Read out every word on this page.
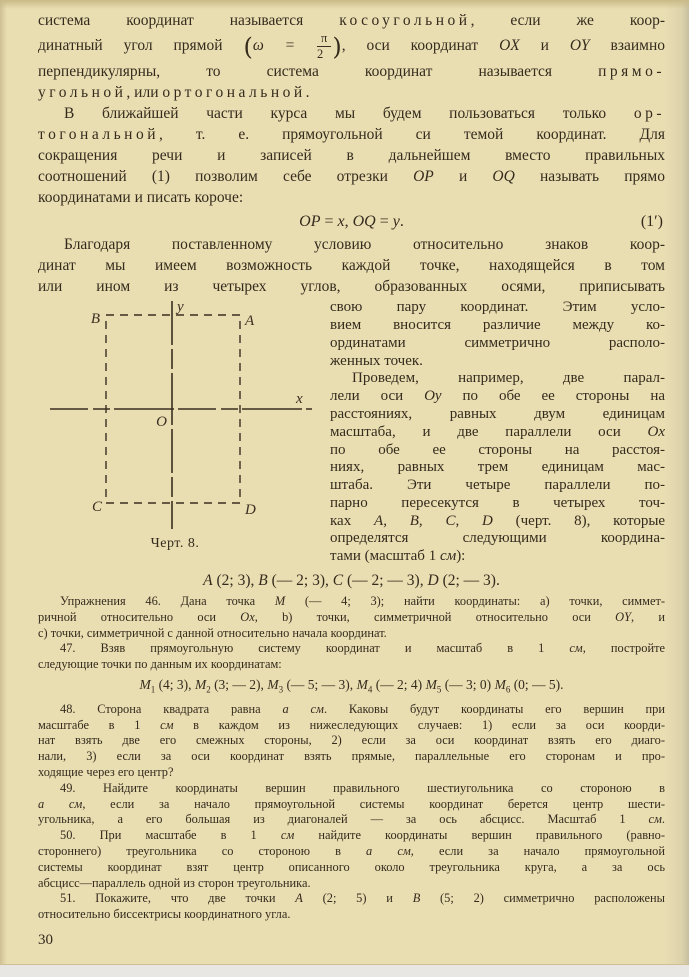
система координат называется косоугольной, если же коор-
динатный угол прямой ($\omega = \frac{\pi}{2}$ ), оси координат OX и OY взаимно
перпендикулярны, то система координат называется прямо-
угольной, или ортогональной.
В ближайшей части курса мы будем пользоваться только ор-
тогональной, т. е. прямоугольной си темой координат. Для
сокращения речи и записей в дальнейшем вместо правильных
соотношений (1) позволим себе отрезки OP и OQ называть прямо
координатами и писать короче:
OP = x, OQ = y.	(1′)
Благодаря поставленному условию относительно знаков коор-
динат мы имеем возможность каждой точке, находящейся в том
или ином из четырех углов, образованных осями, приписывать
y
x
O
B	A
C	D
Черт. 8.
свою пару координат. Этим усло-
вием вносится различие между ко-
ординатами симметрично располо-
женных точек.
Проведем, например, две парал-
лели оси Oy по обе ее стороны на
расстояниях, равных двум единицам
масштаба, и две параллели оси Ox
по обе ее стороны на расстоя-
ниях, равных трем единицам мас-
штаба. Эти четыре параллели по-
парно пересекутся в четырех точ-
ках A, B, C, D (черт. 8), которые
определятся следующими координа-
тами (масштаб 1 см):
A (2; 3), B (— 2; 3), C (— 2; — 3), D (2; — 3).
Упражнения 46. Дана точка M (— 4; 3); найти координаты: а) точки, симмет-
ричной относительно оси Ox, b) точки, симметричной относительно оси OY, и
с) точки, симметричной с данной относительно начала координат.
47. Взяв прямоугольную систему координат и масштаб в 1 см, постройте
следующие точки по данным их координатам:
$M_1$ (4; 3), $M_2$ (3; — 2), $M_3$ (— 5; — 3), $M_4$ (— 2; 4) $M_5$ (— 3; 0) $M_6$ (0; — 5).
48. Сторона квадрата равна a см. Каковы будут координаты его вершин при
масштабе в 1 см в каждом из нижеследующих случаев: 1) если за оси коорди-
нат взять две его смежных стороны, 2) если за оси координат взять его диаго-
нали, 3) если за оси координат взять прямые, параллельные его сторонам и про-
ходящие через его центр?
49. Найдите координаты вершин правильного шестиугольника со стороною в
a см, если за начало прямоугольной системы координат берется центр шести-
угольника, а его большая из диагоналей — за ось абсцисс. Масштаб 1 см.
50. При масштабе в 1 см найдите координаты вершин правильного (равно-
стороннего) треугольника со стороною в a см, если за начало прямоугольной
системы координат взят центр описанного около треугольника круга, а за ось
абсцисс—параллель одной из сторон треугольника.
51. Покажите, что две точки A (2; 5) и B (5; 2) симметрично расположены
относительно биссектрисы координатного угла.
30
